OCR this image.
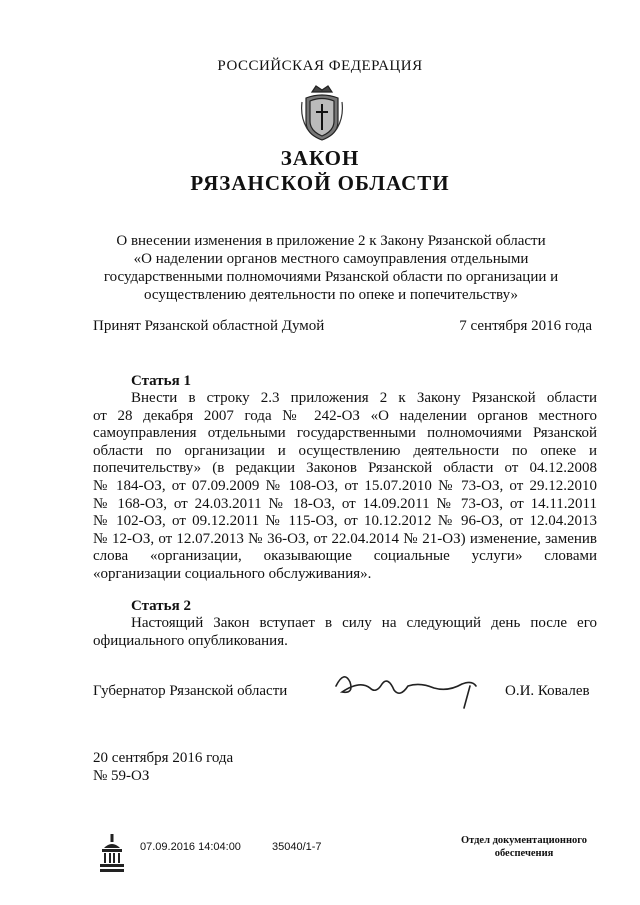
РОССИЙСКАЯ ФЕДЕРАЦИЯ
ЗАКОН
РЯЗАНСКОЙ ОБЛАСТИ
О внесении изменения в приложение 2 к Закону Рязанской области
«О наделении органов местного самоуправления отдельными
государственными полномочиями Рязанской области по организации и
осуществлению деятельности по опеке и попечительству»
Принят Рязанской областной Думой	7 сентября 2016 года
Статья 1
Внести в строку 2.3 приложения 2 к Закону Рязанской области
от 28 декабря 2007 года № 242-ОЗ «О наделении органов местного
самоуправления отдельными государственными полномочиями Рязанской
области по организации и осуществлению деятельности по опеке и
попечительству» (в редакции Законов Рязанской области от 04.12.2008
№ 184-ОЗ, от 07.09.2009 № 108-ОЗ, от 15.07.2010 № 73-ОЗ, от 29.12.2010
№ 168-ОЗ, от 24.03.2011 № 18-ОЗ, от 14.09.2011 № 73-ОЗ, от 14.11.2011
№ 102-ОЗ, от 09.12.2011 № 115-ОЗ, от 10.12.2012 № 96-ОЗ, от 12.04.2013
№ 12-ОЗ, от 12.07.2013 № 36-ОЗ, от 22.04.2014 № 21-ОЗ) изменение, заменив
слова «организации, оказывающие социальные услуги» словами
«организации социального обслуживания».
Статья 2
Настоящий Закон вступает в силу на следующий день после его
официального опубликования.
Губернатор Рязанской области	О.И. Ковалев
20 сентября 2016 года
№ 59-ОЗ
07.09.2016 14:04:00	35040/1-7
Отдел документационного
обеспечения
